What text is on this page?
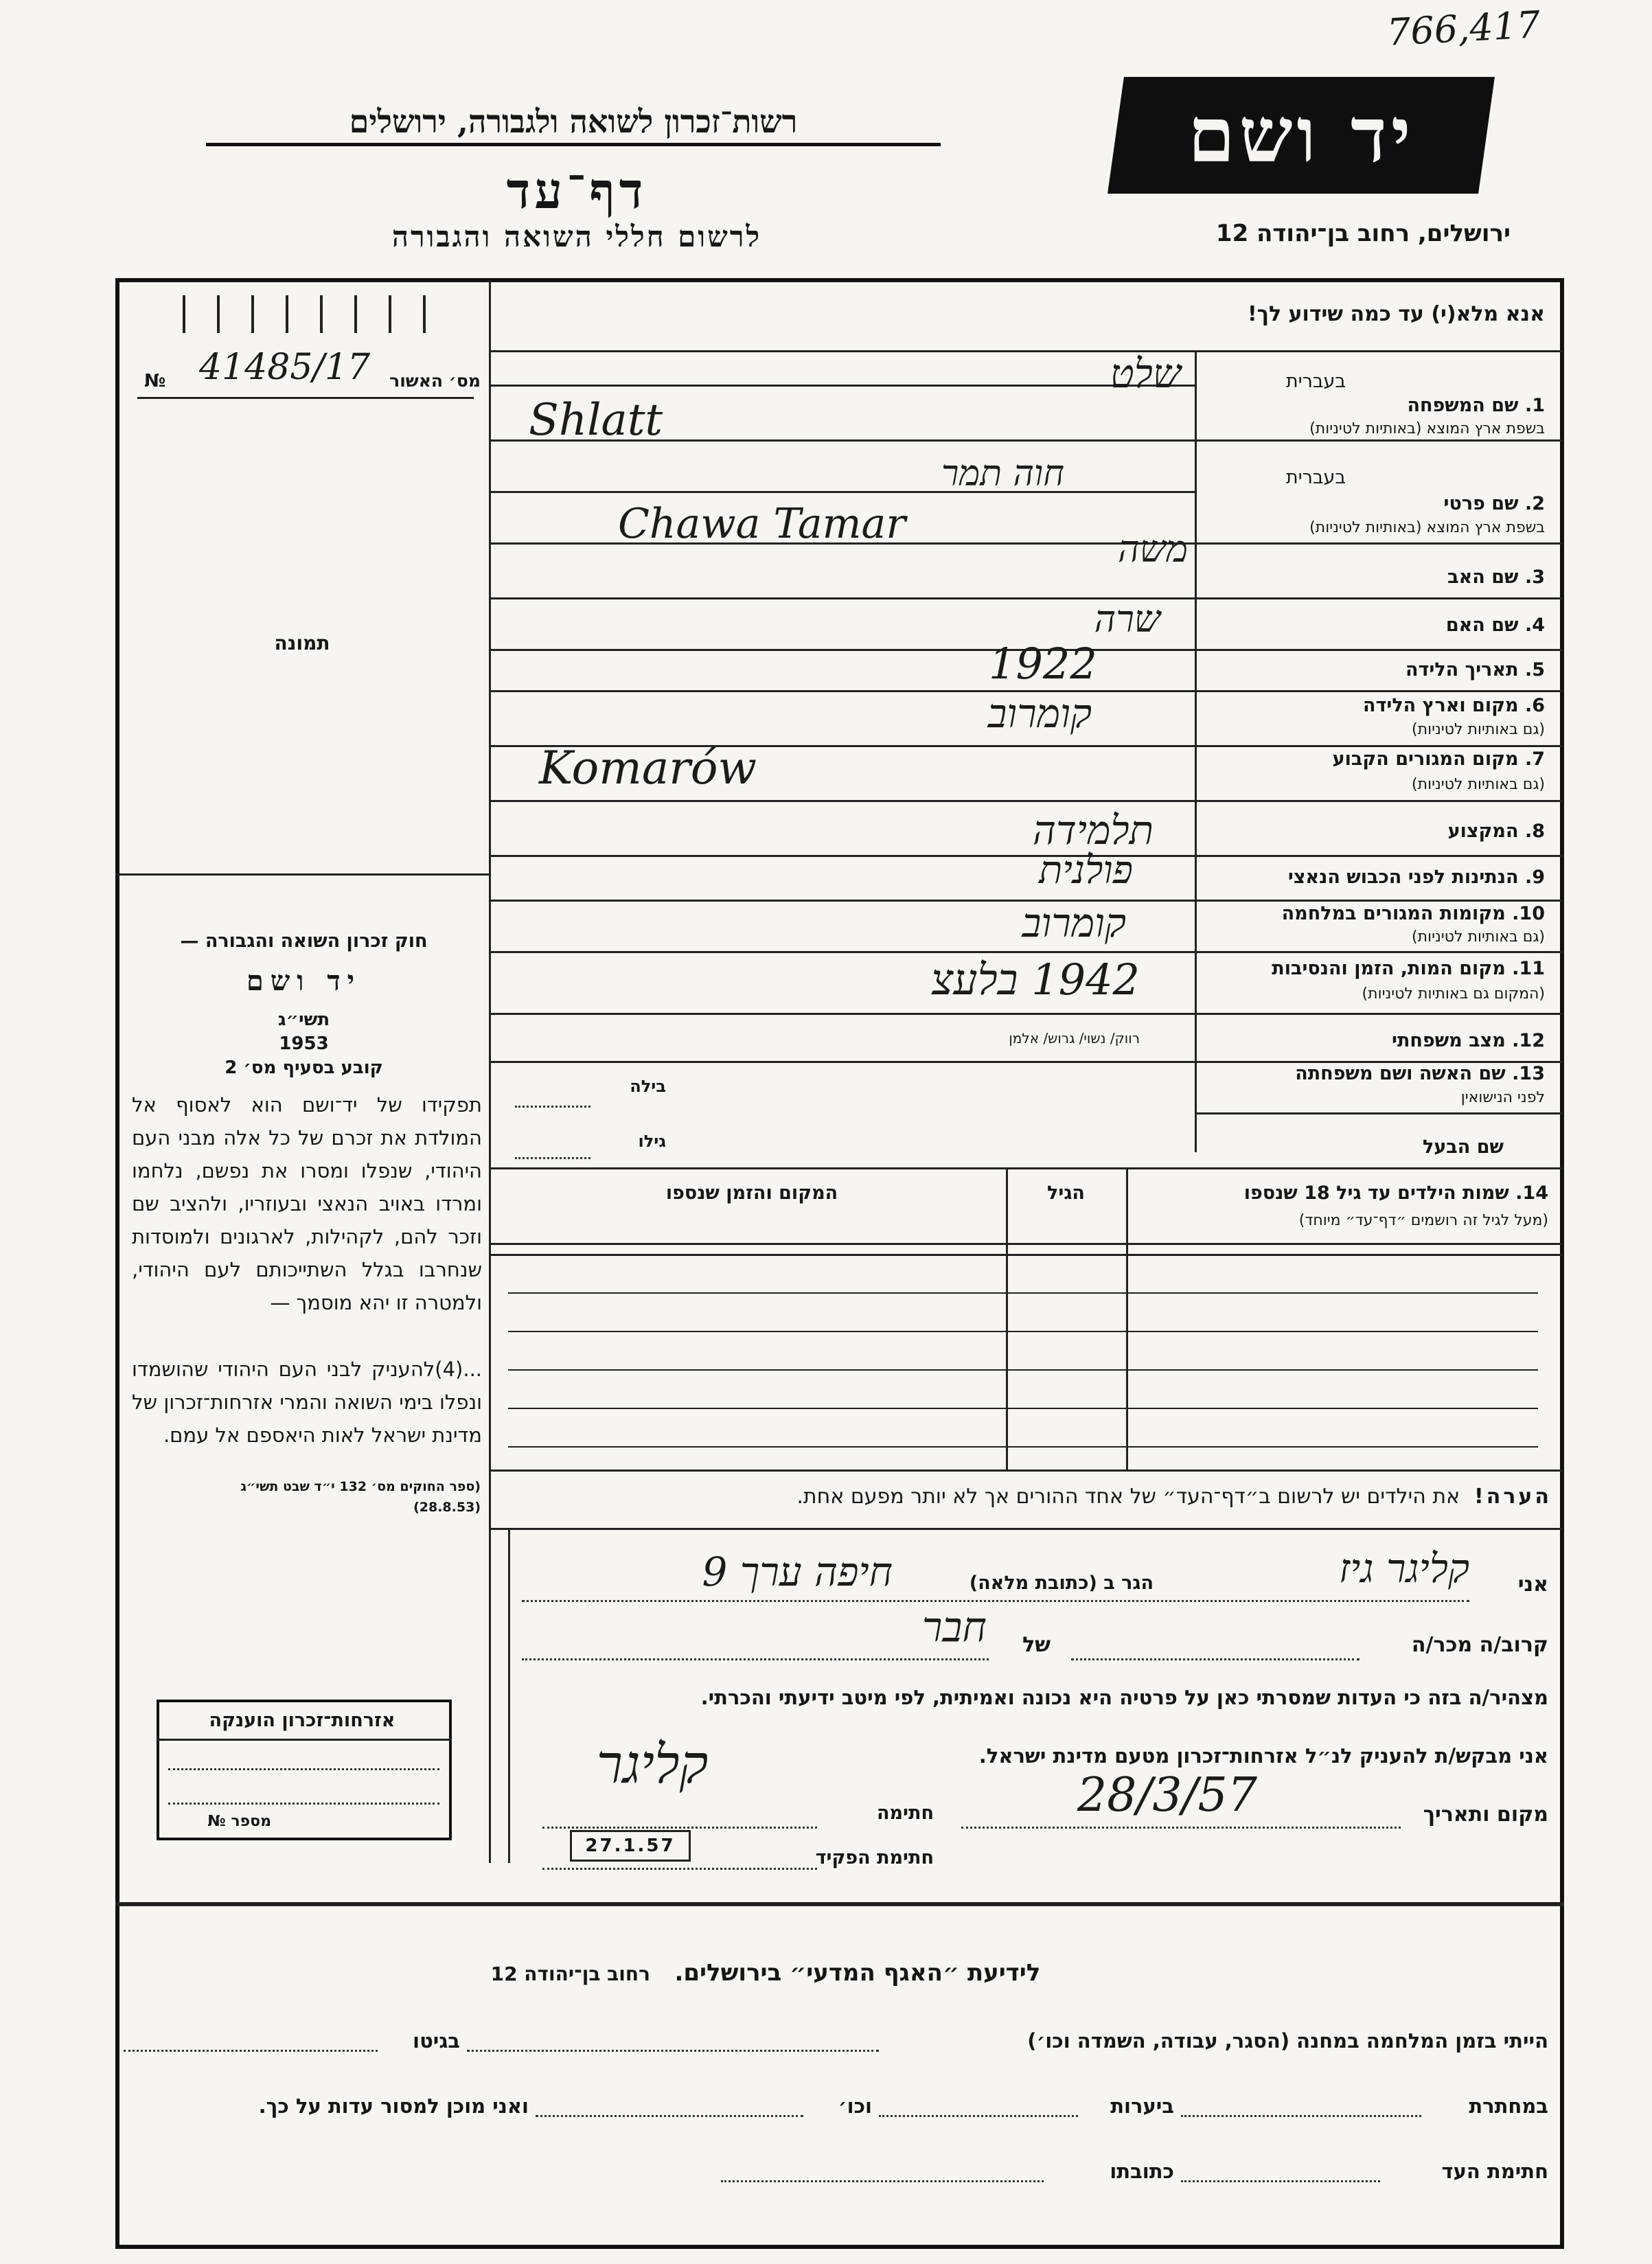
766,417
רשות־זכרון לשואה ולגבורה, ירושלים
דף־עד
לרשום חללי השואה והגבורה
יד ושם
ירושלים, רחוב בן־יהודה 12
41485/17
№	מס׳ האשור
תמונה
חוק זכרון השואה והגבורה —
יד ושם
תשי״ג
1953
קובע בסעיף מס׳ 2
תפקידו של יד־ושם הוא לאסוף אל המולדת את זכרם של כל אלה מבני העם היהודי, שנפלו ומסרו את נפשם, נלחמו ומרדו באויב הנאצי ובעוזריו, ולהציב שם וזכר להם, לקהילות, לארגונים ולמוסדות שנחרבו בגלל השתייכותם לעם היהודי, ולמטרה זו יהא מוסמך —
...(4)להעניק לבני העם היהודי שהושמדו ונפלו בימי השואה והמרי אזרחות־זכרון של מדינת ישראל לאות היאספם אל עמם.
(ספר החוקים מס׳ 132 י״ד שבט תשי״ג (28.8.53)
אזרחות־זכרון הוענקה
מספר №
אנא מלא(י) עד כמה שידוע לך!
בעברית
1. שם המשפחה
בשפת ארץ המוצא (באותיות לטיניות)
שלט
Shlatt
בעברית
2. שם פרטי
בשפת ארץ המוצא (באותיות לטיניות)
חוה תמר
Chawa Tamar
3. שם האב
משה
4. שם האם
שרה
5. תאריך הלידה
1922
6. מקום וארץ הלידה
(גם באותיות לטיניות)
קומרוב
7. מקום המגורים הקבוע
(גם באותיות לטיניות)
Komarów
8. המקצוע
תלמידה
9. הנתינות לפני הכבוש הנאצי
פולנית
10. מקומות המגורים במלחמה
(גם באותיות לטיניות)
קומרוב
11. מקום המות, הזמן והנסיבות
(המקום גם באותיות לטיניות)
1942 בלעצ
12. מצב משפחתי
רווק/ נשוי/ גרוש/ אלמן
13. שם האשה ושם משפחתה
לפני הנישואין
בילה
שם הבעל
גילו
14. שמות הילדים עד גיל 18 שנספו
(מעל לגיל זה רושמים ״דף־עד״ מיוחד)
הגיל
המקום והזמן שנספו
הערה!  את הילדים יש לרשום ב״דף־העד״ של אחד ההורים אך לא יותר מפעם אחת.
אני
קליגר גיז
הגר ב (כתובת מלאה)
חיפה ערך 9
קרוב/ה מכר/ה
חבר	של
מצהיר/ה בזה כי העדות שמסרתי כאן על פרטיה היא נכונה ואמיתית, לפי מיטב ידיעתי והכרתי.
אני מבקש/ת להעניק לנ״ל אזרחות־זכרון מטעם מדינת ישראל.
מקום ותאריך
28/3/57
חתימה
קליגר
27.1.57
חתימת הפקיד
לידיעת ״האגף המדעי״ בירושלים.   רחוב בן־יהודה 12
הייתי בזמן המלחמה במחנה (הסגר, עבודה, השמדה וכו׳)
בגיטו
במחתרת
ביערות
וכו׳
ואני מוכן למסור עדות על כך.
חתימת העד
כתובתו
